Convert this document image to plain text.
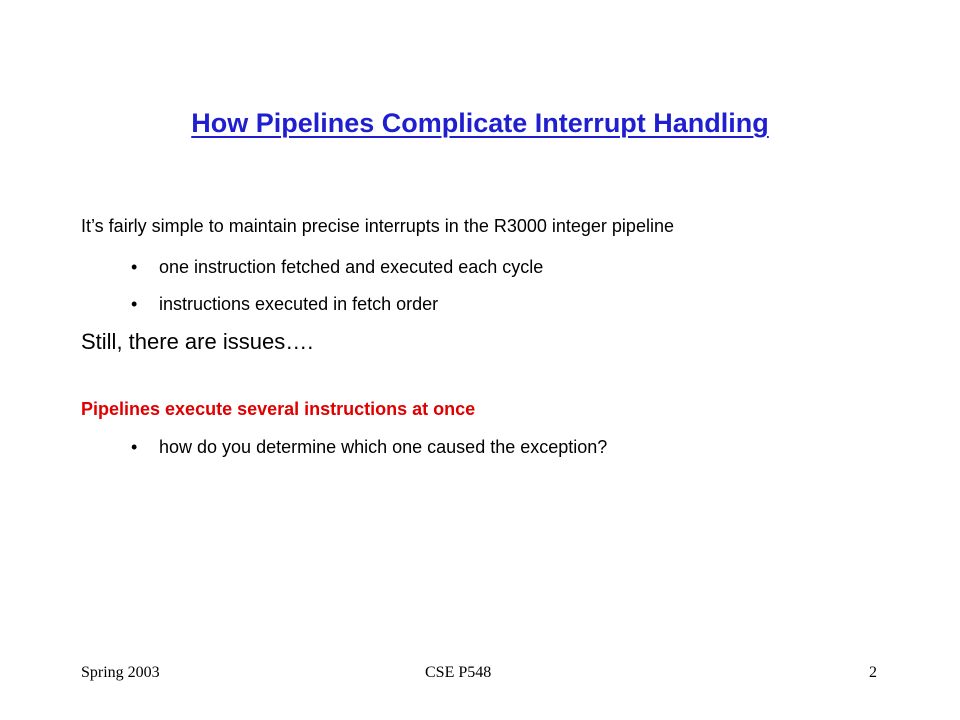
How Pipelines Complicate Interrupt Handling
It’s fairly simple to maintain precise interrupts in the R3000 integer pipeline
• one instruction fetched and executed each cycle
• instructions executed in fetch order
Still, there are issues….
Pipelines execute several instructions at once
• how do you determine which one caused the exception?
Spring 2003	CSE P548	2
